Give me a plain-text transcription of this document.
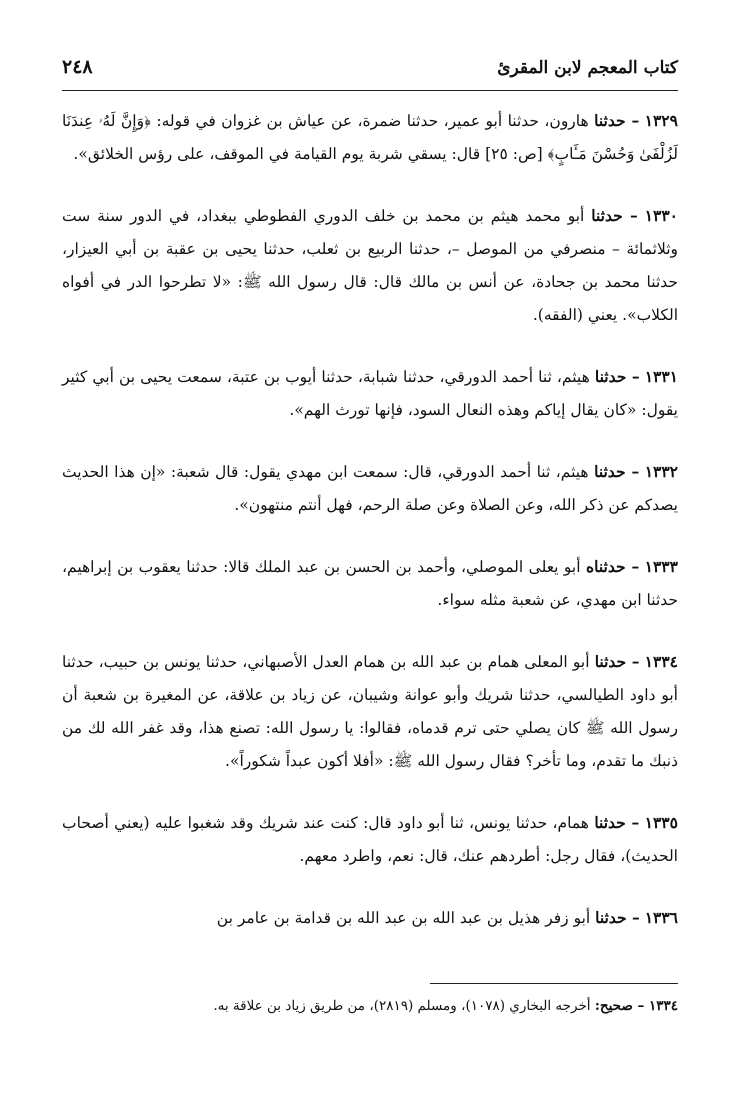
كتاب المعجم لابن المقرئ
٢٤٨

١٣٢٩ – حدثنا هارون، حدثنا أبو عمير، حدثنا ضمرة، عن عياش بن غزوان في قوله: ﴿وَإِنَّ لَهُۥ عِندَنَا لَزُلْفَىٰ وَحُسْنَ مَـَٔابٍ﴾ [ص: ٢٥] قال: يسقي شربة يوم القيامة في الموقف، على رؤس الخلائق».

١٣٣٠ – حدثنا أبو محمد هيثم بن محمد بن خلف الدوري الفطوطي ببغداد، في الدور سنة ست وثلاثمائة – منصرفي من الموصل –، حدثنا الربيع بن ثعلب، حدثنا يحيى بن عقبة بن أبي العيزار، حدثنا محمد بن جحادة، عن أنس بن مالك قال: قال رسول الله ﷺ: «لا تطرحوا الدر في أفواه الكلاب». يعني (الفقه).

١٣٣١ – حدثنا هيثم، ثنا أحمد الدورقي، حدثنا شبابة، حدثنا أيوب بن عتبة، سمعت يحيى بن أبي كثير يقول: «كان يقال إياكم وهذه النعال السود، فإنها تورث الهم».

١٣٣٢ – حدثنا هيثم، ثنا أحمد الدورقي، قال: سمعت ابن مهدي يقول: قال شعبة: «إن هذا الحديث يصدكم عن ذكر الله، وعن الصلاة وعن صلة الرحم، فهل أنتم منتهون».

١٣٣٣ – حدثناه أبو يعلى الموصلي، وأحمد بن الحسن بن عبد الملك قالا: حدثنا يعقوب بن إبراهيم، حدثنا ابن مهدي، عن شعبة مثله سواء.

١٣٣٤ – حدثنا أبو المعلى همام بن عبد الله بن همام العدل الأصبهاني، حدثنا يونس بن حبيب، حدثنا أبو داود الطيالسي، حدثنا شريك وأبو عوانة وشيبان، عن زياد بن علاقة، عن المغيرة بن شعبة أن رسول الله ﷺ كان يصلي حتى ترم قدماه، فقالوا: يا رسول الله: تصنع هذا، وقد غفر الله لك من ذنبك ما تقدم، وما تأخر؟ فقال رسول الله ﷺ: «أفلا أكون عبداً شكوراً».

١٣٣٥ – حدثنا همام، حدثنا يونس، ثنا أبو داود قال: كنت عند شريك وقد شغبوا عليه (يعني أصحاب الحديث)، فقال رجل: أطردهم عنك، قال: نعم، واطرد معهم.

١٣٣٦ – حدثنا أبو زفر هذيل بن عبد الله بن عبد الله بن قدامة بن عامر بن

١٣٣٤ – صحيح: أخرجه البخاري (١٠٧٨)، ومسلم (٢٨١٩)، من طريق زياد بن علاقة به.
